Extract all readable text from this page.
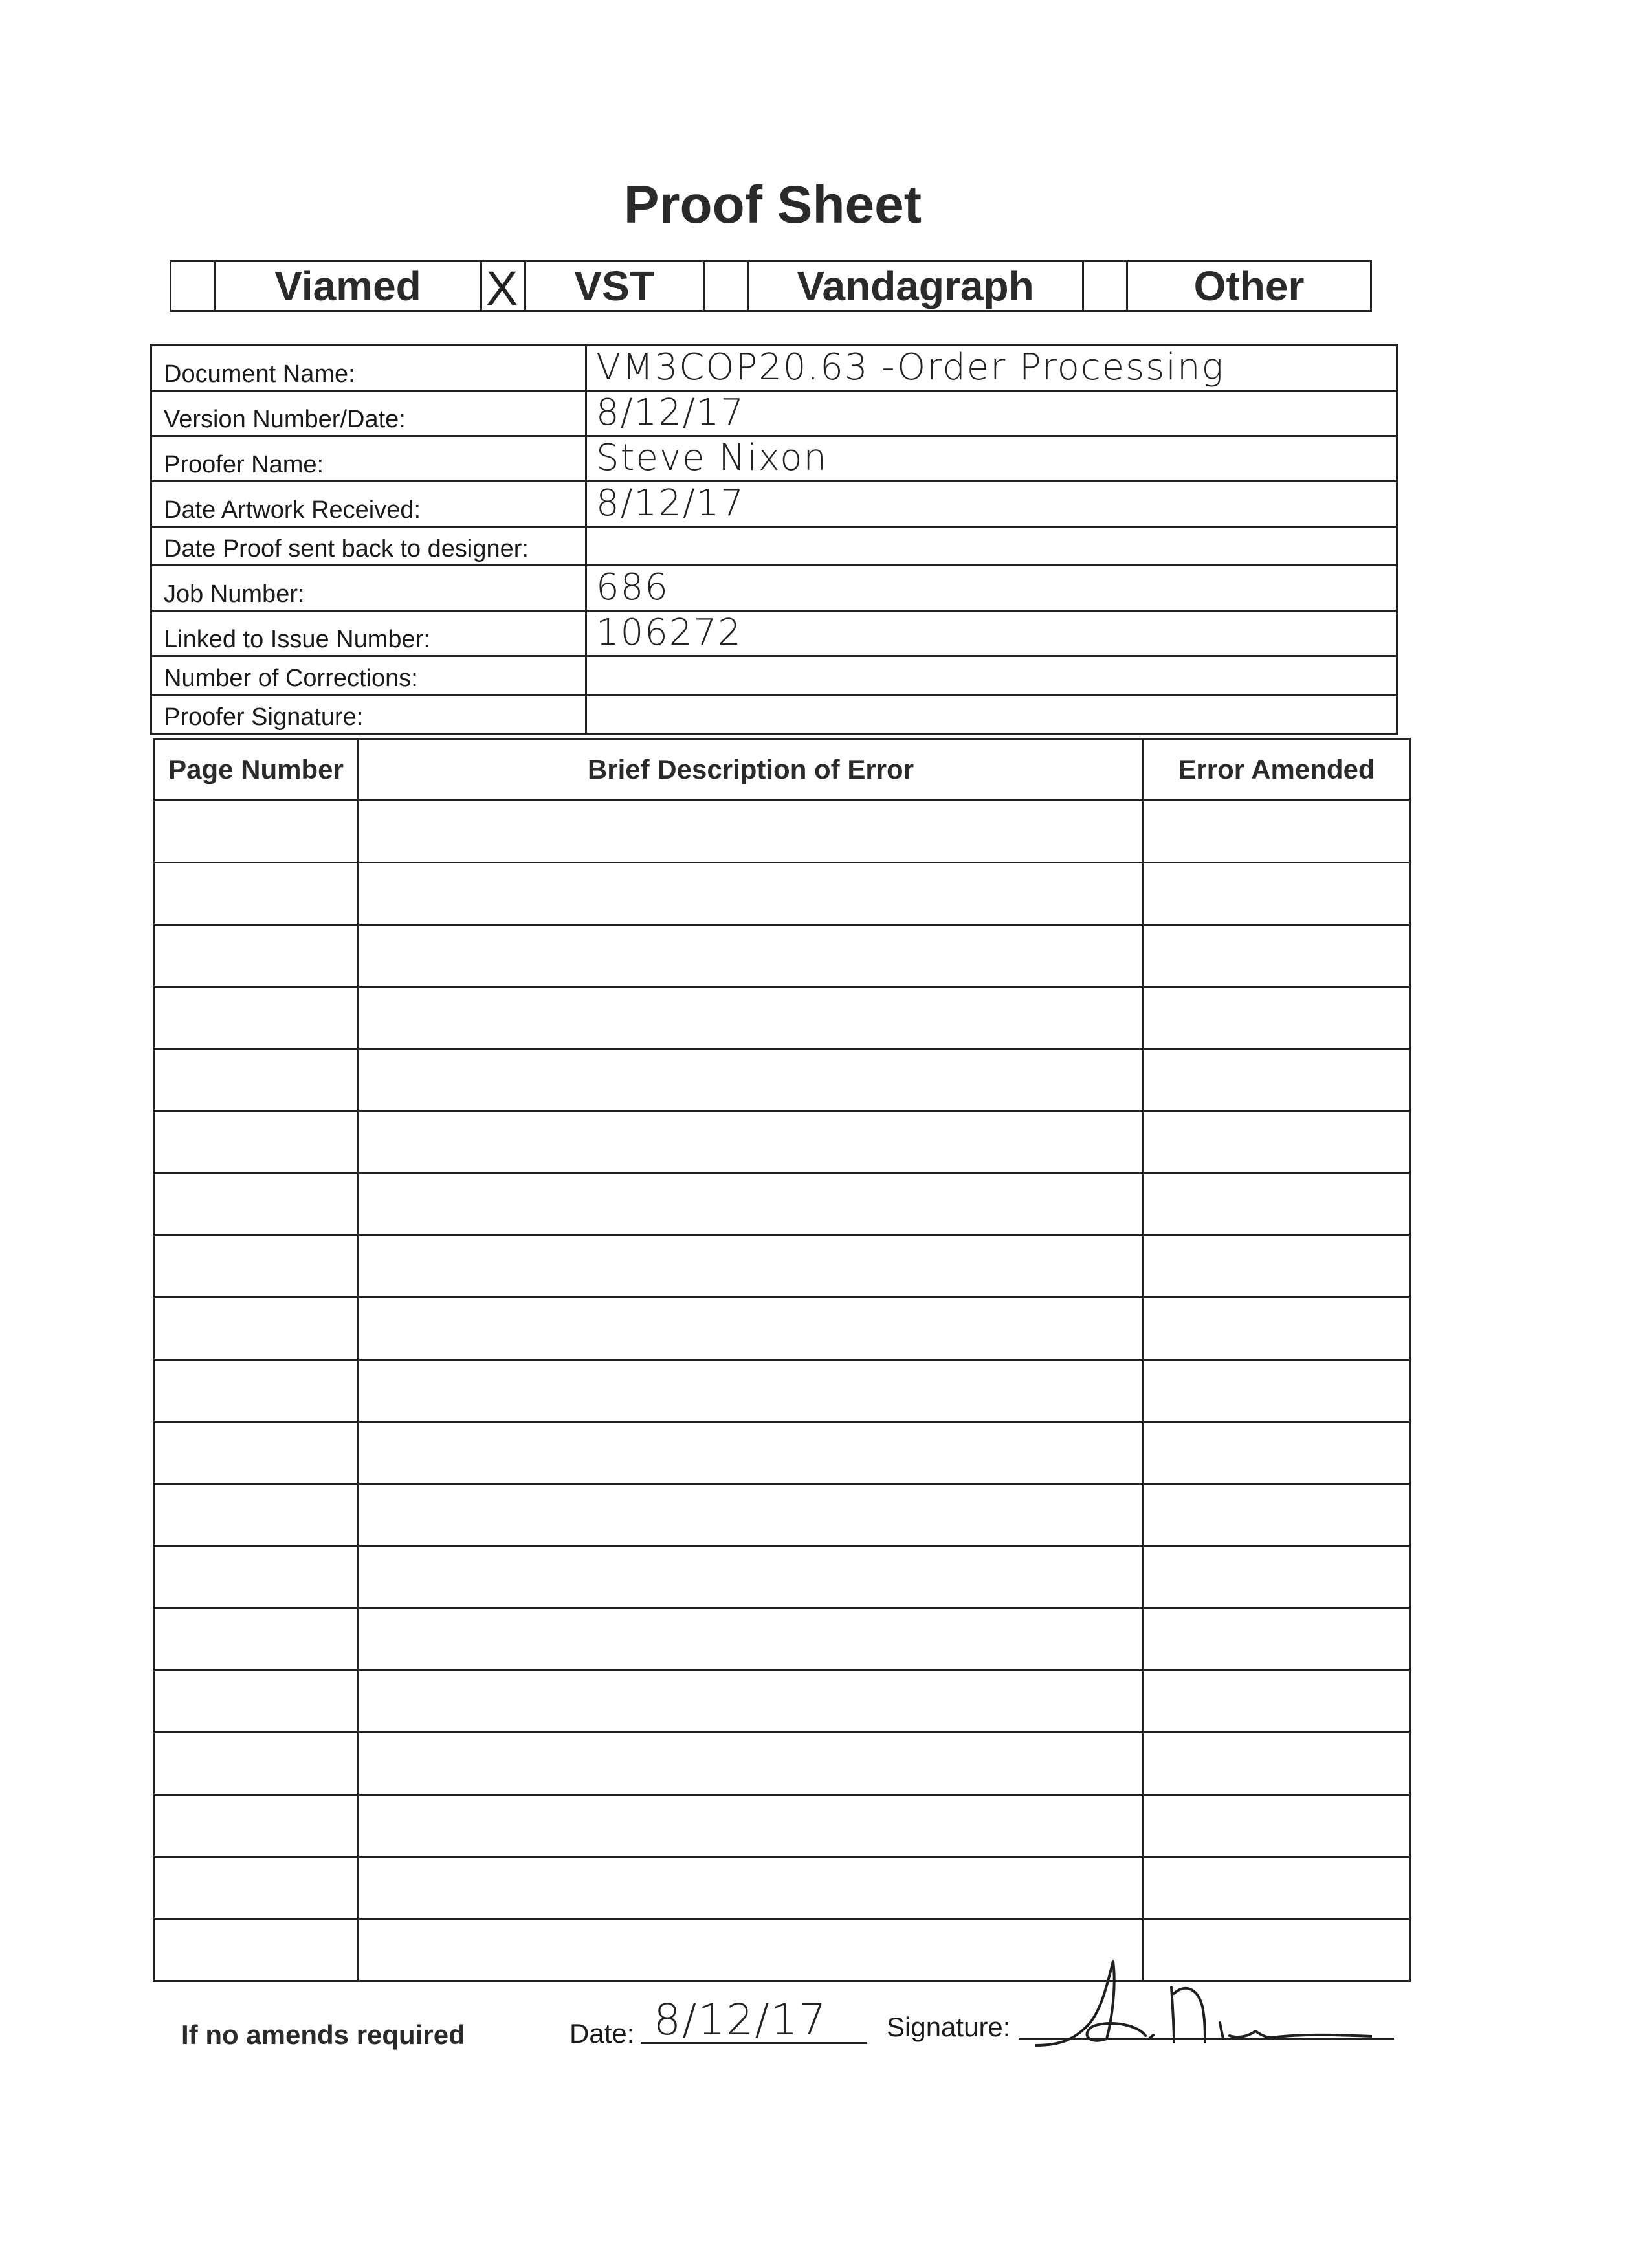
Proof Sheet
Viamed	X	VST	Vandagraph	Other
Document Name:	VM3COP20.63 -Order Processing
Version Number/Date:	8/12/17
Proofer Name:	Steve Nixon
Date Artwork Received:	8/12/17
Date Proof sent back to designer:	
Job Number:	686
Linked to Issue Number:	106272
Number of Corrections:	
Proofer Signature:	
Page Number	Brief Description of Error	Error Amended

If no amends required	Date: 8/12/17 Signature:
